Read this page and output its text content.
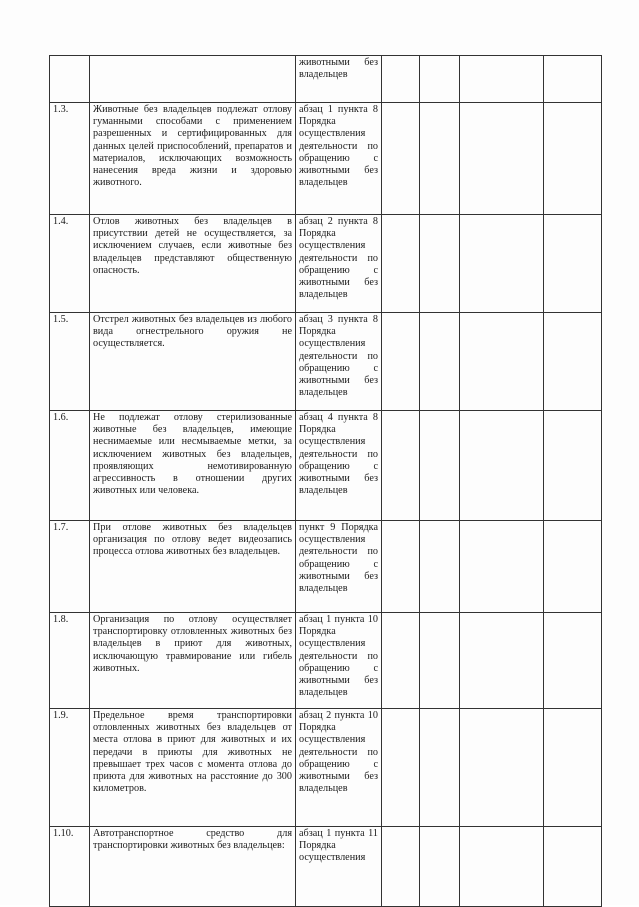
		животными без владельцев				
1.3.	Животные без владельцев подлежат отлову гуманными способами с применением разрешенных и сертифицированных для данных целей приспособлений, препаратов и материалов, исключающих возможность нанесения вреда жизни и здоровью животного.	абзац 1 пункта 8 Порядка осуществления деятельности по обращению с животными без владельцев				
1.4.	Отлов животных без владельцев в присутствии детей не осуществляется, за исключением случаев, если животные без владельцев представляют общественную опасность.	абзац 2 пункта 8 Порядка осуществления деятельности по обращению с животными без владельцев				
1.5.	Отстрел животных без владельцев из любого вида огнестрельного оружия не осуществляется.	абзац 3 пункта 8 Порядка осуществления деятельности по обращению с животными без владельцев				
1.6.	Не подлежат отлову стерилизованные животные без владельцев, имеющие неснимаемые или несмываемые метки, за исключением животных без владельцев, проявляющих немотивированную агрессивность в отношении других животных или человека.	абзац 4 пункта 8 Порядка осуществления деятельности по обращению с животными без владельцев				
1.7.	При отлове животных без владельцев организация по отлову ведет видеозапись процесса отлова животных без владельцев.	пункт 9 Порядка осуществления деятельности по обращению с животными без владельцев				
1.8.	Организация по отлову осуществляет транспортировку отловленных животных без владельцев в приют для животных, исключающую травмирование или гибель животных.	абзац 1 пункта 10 Порядка осуществления деятельности по обращению с животными без владельцев				
1.9.	Предельное время транспортировки отловленных животных без владельцев от места отлова в приют для животных и их передачи в приюты для животных не превышает трех часов с момента отлова до приюта для животных на расстояние до 300 километров.	абзац 2 пункта 10 Порядка осуществления деятельности по обращению с животными без владельцев				
1.10.	Автотранспортное средство для транспортировки животных без владельцев:	абзац 1 пункта 11 Порядка осуществления				
